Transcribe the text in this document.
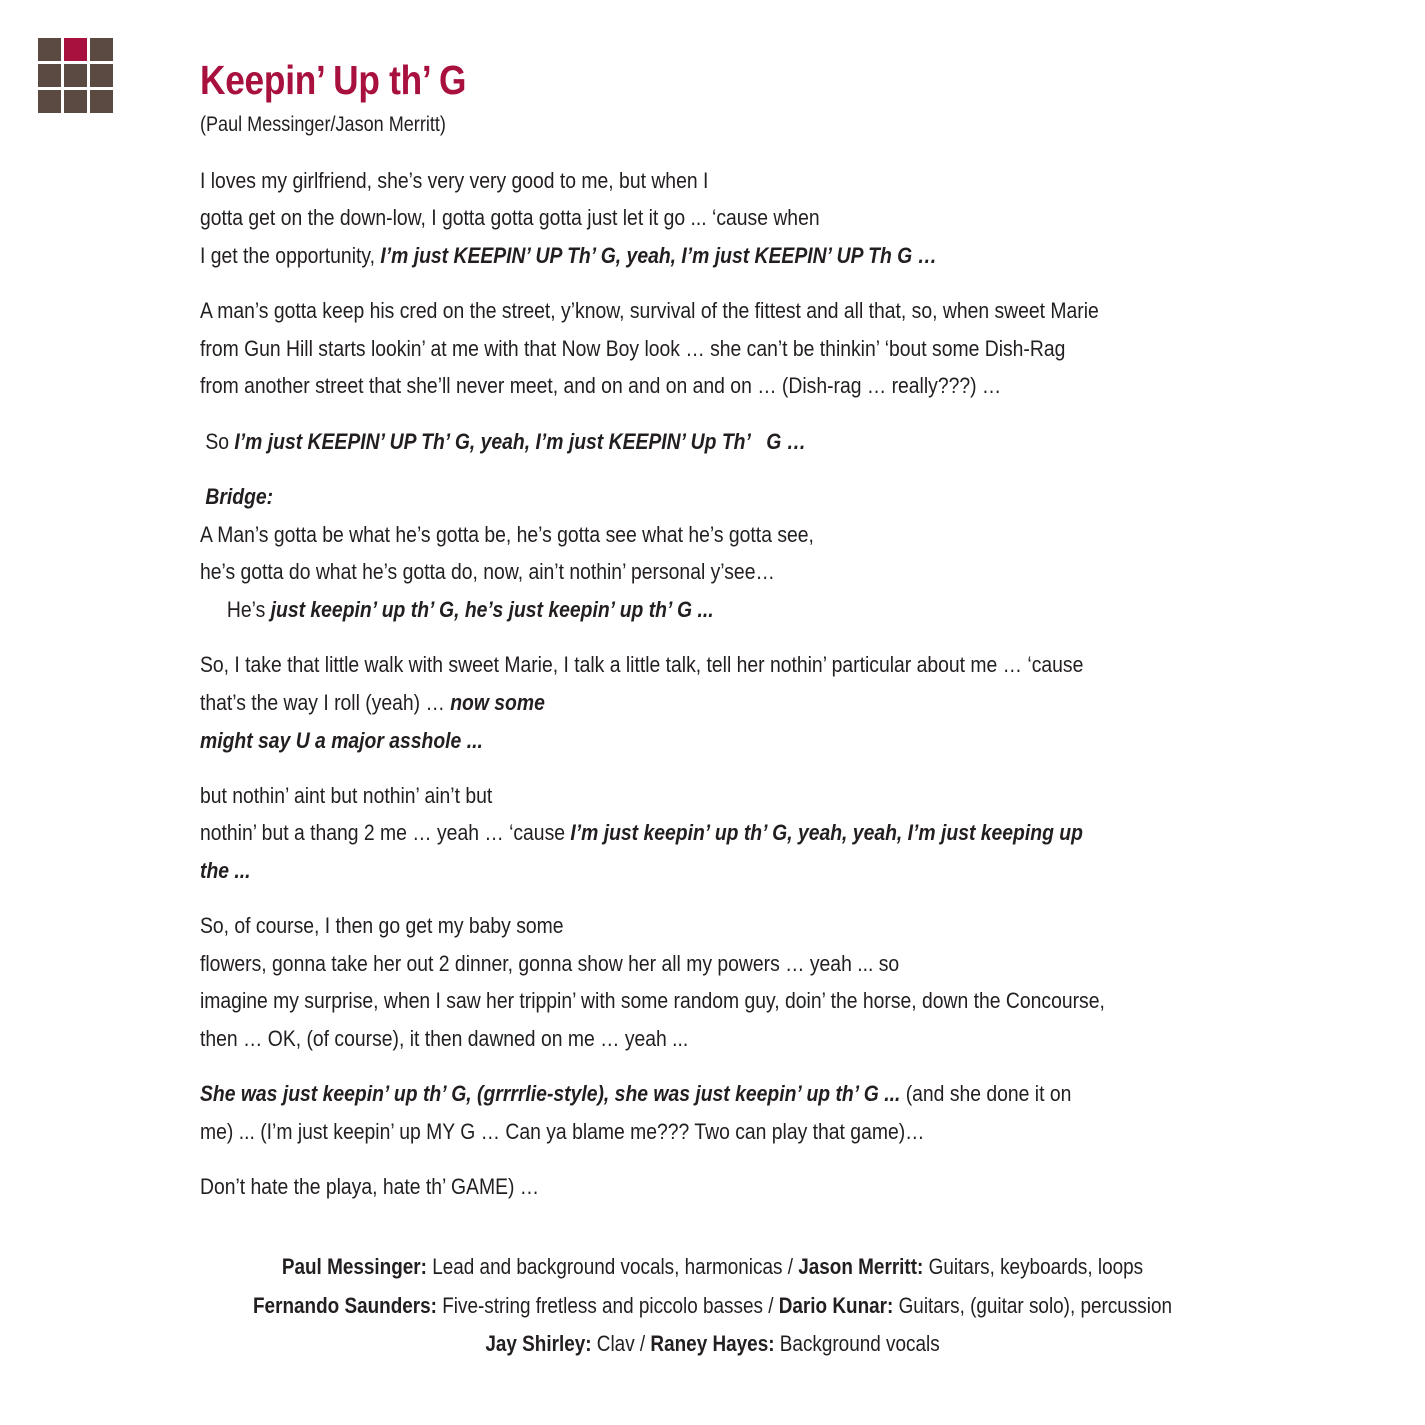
Keepin’ Up th’ G

(Paul Messinger/Jason Merritt)

I loves my girlfriend, she’s very very good to me, but when I

gotta get on the down-low, I gotta gotta gotta just let it go ... ‘cause when

I get the opportunity, I’m just KEEPIN’ UP Th’ G, yeah, I’m just KEEPIN’ UP Th G …

A man’s gotta keep his cred on the street, y’know, survival of the fittest and all that, so, when sweet Marie

from Gun Hill starts lookin’ at me with that Now Boy look … she can’t be thinkin’ ‘bout some Dish-Rag

from another street that she’ll never meet, and on and on and on … (Dish-rag … really???) …

So I’m just KEEPIN’ UP Th’ G, yeah, I’m just KEEPIN’ Up Th’   G …

Bridge:

A Man’s gotta be what he’s gotta be, he’s gotta see what he’s gotta see,

he’s gotta do what he’s gotta do, now, ain’t nothin’ personal y’see…

He’s just keepin’ up th’ G, he’s just keepin’ up th’ G ...

So, I take that little walk with sweet Marie, I talk a little talk, tell her nothin’ particular about me … ‘cause

that’s the way I roll (yeah) … now some

might say U a major asshole ...

but nothin’ aint but nothin’ ain’t but

nothin’ but a thang 2 me … yeah … ‘cause I’m just keepin’ up th’ G, yeah, yeah, I’m just keeping up

the ...

So, of course, I then go get my baby some

flowers, gonna take her out 2 dinner, gonna show her all my powers … yeah ... so

imagine my surprise, when I saw her trippin’ with some random guy, doin’ the horse, down the Concourse,

then … OK, (of course), it then dawned on me … yeah ...

She was just keepin’ up th’ G, (grrrrlie-style), she was just keepin’ up th’ G ... (and she done it on

me) ... (I’m just keepin’ up MY G … Can ya blame me??? Two can play that game)…

Don’t hate the playa, hate th’ GAME) …

Paul Messinger: Lead and background vocals, harmonicas / Jason Merritt: Guitars, keyboards, loops
Fernando Saunders: Five-string fretless and piccolo basses / Dario Kunar: Guitars, (guitar solo), percussion
Jay Shirley: Clav / Raney Hayes: Background vocals
